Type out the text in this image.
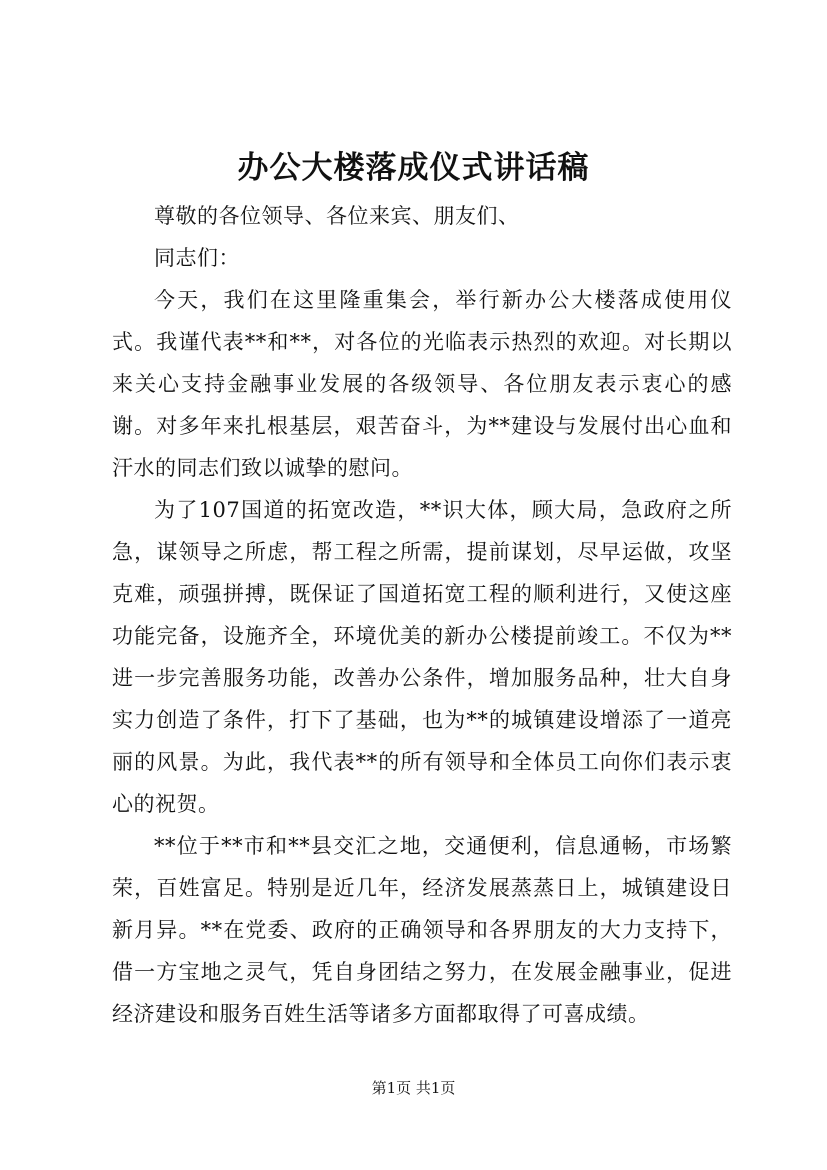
办公大楼落成仪式讲话稿

尊敬的各位领导、各位来宾、朋友们、

同志们：

今天，我们在这里隆重集会，举行新办公大楼落成使用仪式。我谨代表**和**，对各位的光临表示热烈的欢迎。对长期以来关心支持金融事业发展的各级领导、各位朋友表示衷心的感谢。对多年来扎根基层，艰苦奋斗，为**建设与发展付出心血和汗水的同志们致以诚挚的慰问。

为了107国道的拓宽改造，**识大体，顾大局，急政府之所急，谋领导之所虑，帮工程之所需，提前谋划，尽早运做，攻坚克难，顽强拼搏，既保证了国道拓宽工程的顺利进行，又使这座功能完备，设施齐全，环境优美的新办公楼提前竣工。不仅为**进一步完善服务功能，改善办公条件，增加服务品种，壮大自身实力创造了条件，打下了基础，也为**的城镇建设增添了一道亮丽的风景。为此，我代表**的所有领导和全体员工向你们表示衷心的祝贺。

**位于**市和**县交汇之地，交通便利，信息通畅，市场繁荣，百姓富足。特别是近几年，经济发展蒸蒸日上，城镇建设日新月异。**在党委、政府的正确领导和各界朋友的大力支持下，借一方宝地之灵气，凭自身团结之努力，在发展金融事业，促进经济建设和服务百姓生活等诸多方面都取得了可喜成绩。

第1页 共1页
